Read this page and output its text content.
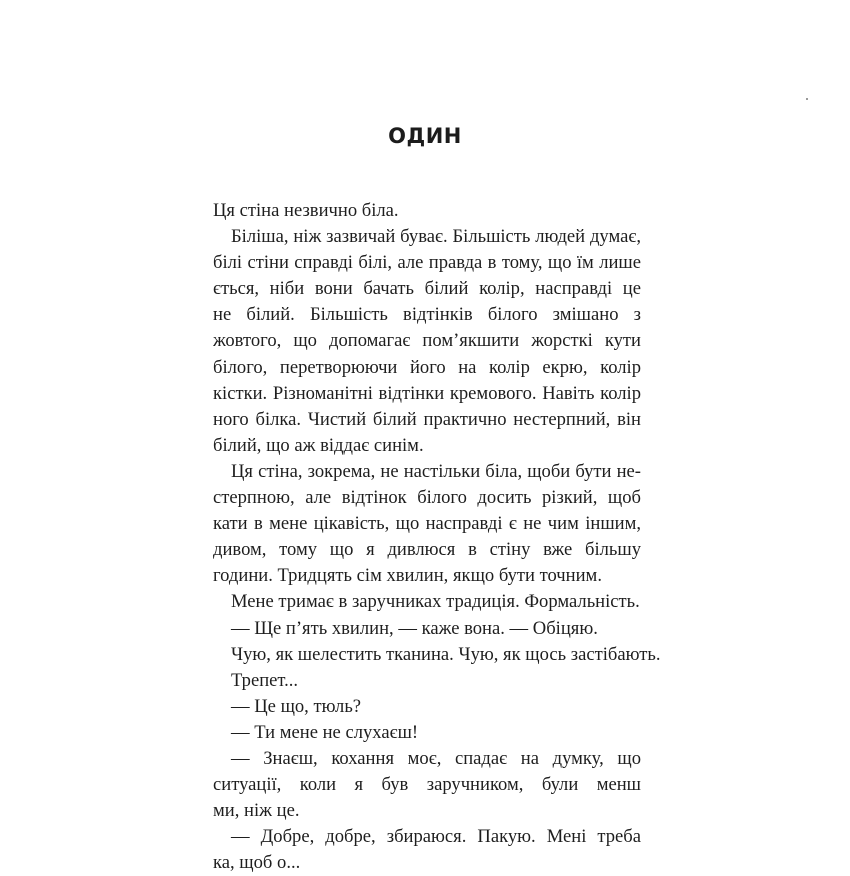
ОДИН
Ця стіна незвично біла.
Біліша, ніж зазвичай буває. Більшість людей думає,
білі стіни справді білі, але правда в тому, що їм лише
ється, ніби вони бачать білий колір, насправді це
не білий. Більшість відтінків білого змішано з
жовтого, що допомагає пом’якшити жорсткі кути
білого, перетворюючи його на колір екрю, колір
кістки. Різноманітні відтінки кремового. Навіть колір
ного білка. Чистий білий практично нестерпний, він
білий, що аж віддає синім.
Ця стіна, зокрема, не настільки біла, щоби бути не-
стерпною, але відтінок білого досить різкий, щоб
кати в мене цікавість, що насправді є не чим іншим,
дивом, тому що я дивлюся в стіну вже більшу
години. Тридцять сім хвилин, якщо бути точним.
Мене тримає в заручниках традиція. Формальність.
— Ще п’ять хвилин, — каже вона. — Обіцяю.
Чую, як шелестить тканина. Чую, як щось застібають.
Трепет...
— Це що, тюль?
— Ти мене не слухаєш!
— Знаєш, кохання моє, спадає на думку, що
ситуації, коли я був заручником, були менш
ми, ніж це.
— Добре, добре, збираюся. Пакую. Мені треба
ка, щоб о...
